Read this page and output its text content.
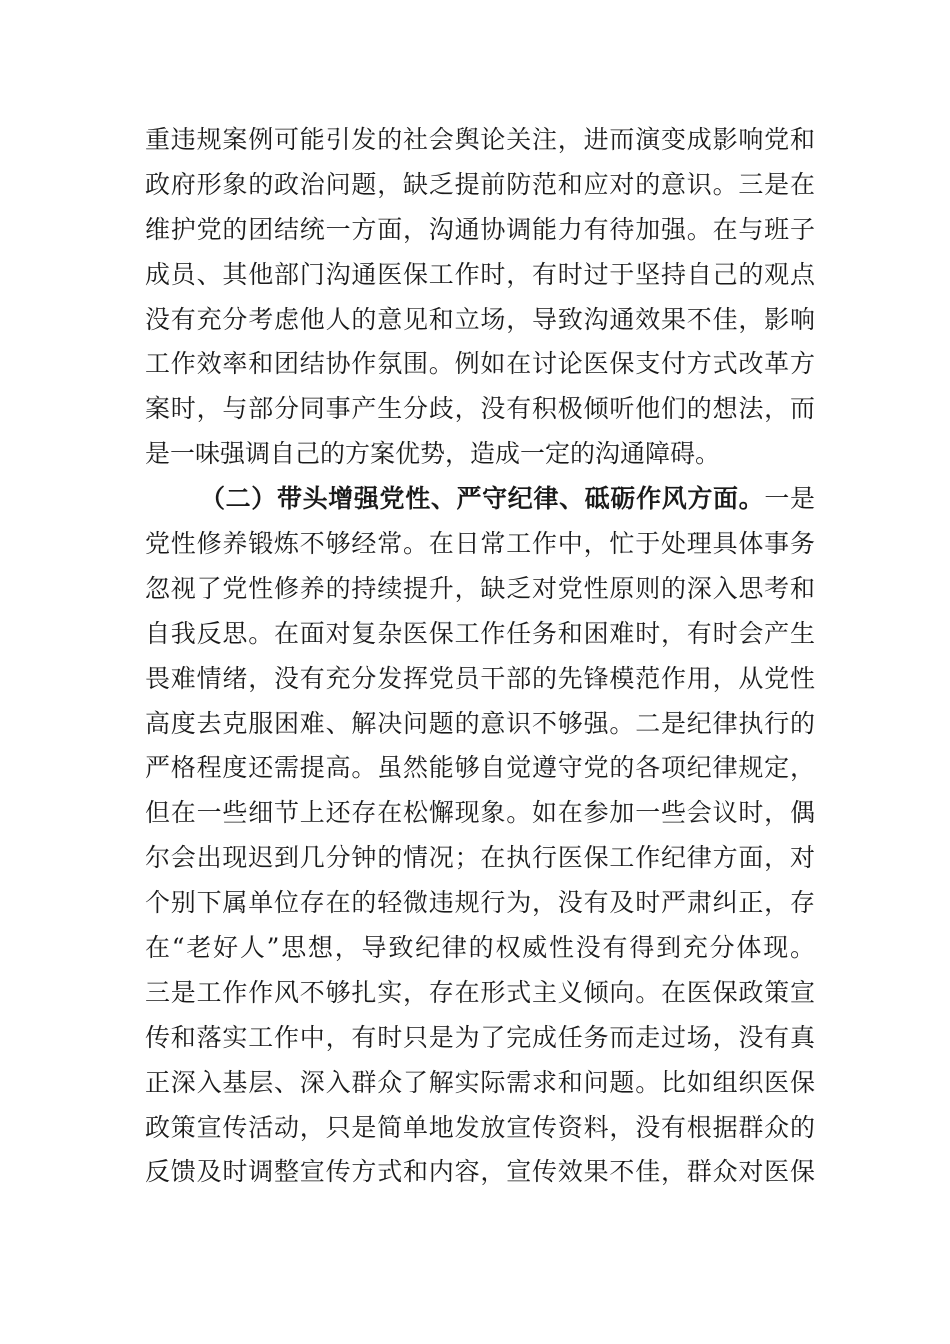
重违规案例可能引发的社会舆论关注，进而演变成影响党和
政府形象的政治问题，缺乏提前防范和应对的意识。三是在
维护党的团结统一方面，沟通协调能力有待加强。在与班子
成员、其他部门沟通医保工作时，有时过于坚持自己的观点
没有充分考虑他人的意见和立场，导致沟通效果不佳，影响
工作效率和团结协作氛围。例如在讨论医保支付方式改革方
案时，与部分同事产生分歧，没有积极倾听他们的想法，而
是一味强调自己的方案优势，造成一定的沟通障碍。
（二）带头增强党性、严守纪律、砥砺作风方面。一是
党性修养锻炼不够经常。在日常工作中，忙于处理具体事务
忽视了党性修养的持续提升，缺乏对党性原则的深入思考和
自我反思。在面对复杂医保工作任务和困难时，有时会产生
畏难情绪，没有充分发挥党员干部的先锋模范作用，从党性
高度去克服困难、解决问题的意识不够强。二是纪律执行的
严格程度还需提高。虽然能够自觉遵守党的各项纪律规定，
但在一些细节上还存在松懈现象。如在参加一些会议时，偶
尔会出现迟到几分钟的情况；在执行医保工作纪律方面，对
个别下属单位存在的轻微违规行为，没有及时严肃纠正，存
在“老好人”思想，导致纪律的权威性没有得到充分体现。
三是工作作风不够扎实，存在形式主义倾向。在医保政策宣
传和落实工作中，有时只是为了完成任务而走过场，没有真
正深入基层、深入群众了解实际需求和问题。比如组织医保
政策宣传活动，只是简单地发放宣传资料，没有根据群众的
反馈及时调整宣传方式和内容，宣传效果不佳，群众对医保
